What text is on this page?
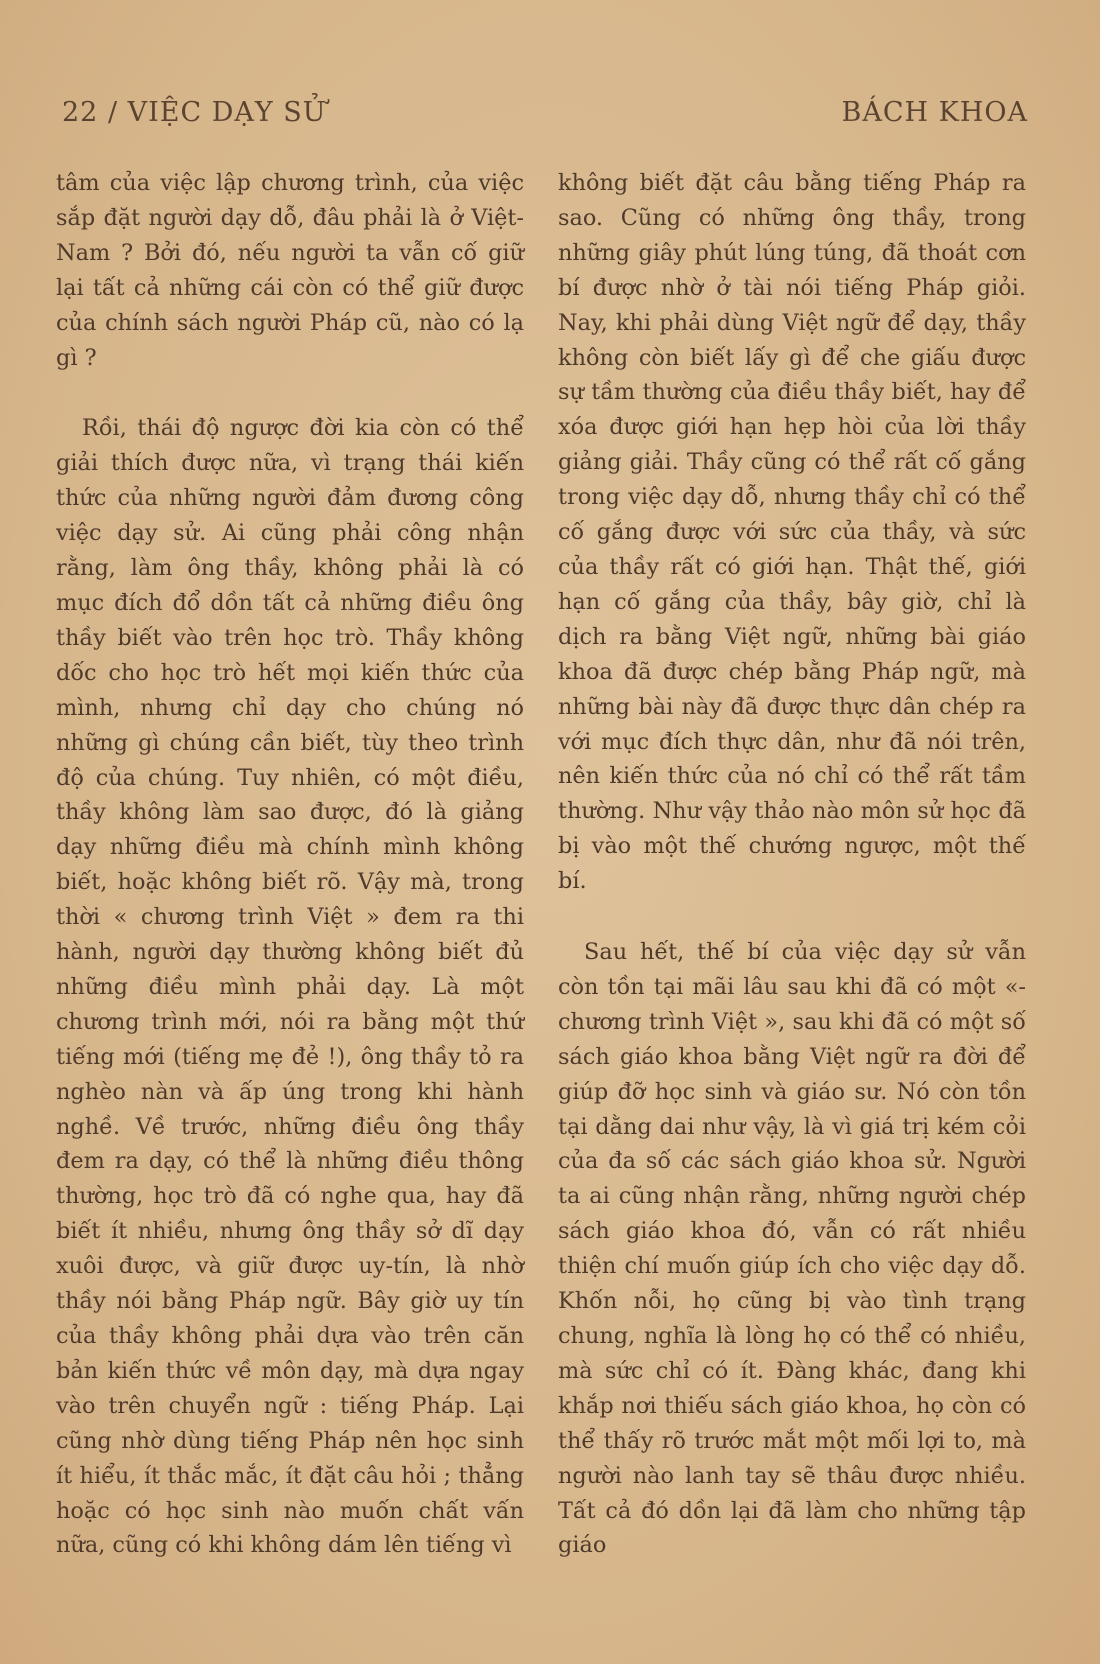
22 / VIỆC DẠY SỬ	BÁCH KHOA

tâm của việc lập chương trình, của việc sắp đặt người dạy dỗ, đâu phải là ở Việt-Nam ? Bởi đó, nếu người ta vẫn cố giữ lại tất cả những cái còn có thể giữ được của chính sách người Pháp cũ, nào có lạ gì ?

Rồi, thái độ ngược đời kia còn có thể giải thích được nữa, vì trạng thái kiến thức của những người đảm đương công việc dạy sử. Ai cũng phải công nhận rằng, làm ông thầy, không phải là có mục đích đổ dồn tất cả những điều ông thầy biết vào trên học trò. Thầy không dốc cho học trò hết mọi kiến thức của mình, nhưng chỉ dạy cho chúng nó những gì chúng cần biết, tùy theo trình độ của chúng. Tuy nhiên, có một điều, thầy không làm sao được, đó là giảng dạy những điều mà chính mình không biết, hoặc không biết rõ. Vậy mà, trong thời « chương trình Việt » đem ra thi hành, người dạy thường không biết đủ những điều mình phải dạy. Là một chương trình mới, nói ra bằng một thứ tiếng mới (tiếng mẹ đẻ !), ông thầy tỏ ra nghèo nàn và ấp úng trong khi hành nghề. Về trước, những điều ông thầy đem ra dạy, có thể là những điều thông thường, học trò đã có nghe qua, hay đã biết ít nhiều, nhưng ông thầy sở dĩ dạy xuôi được, và giữ được uy-tín, là nhờ thầy nói bằng Pháp ngữ. Bây giờ uy tín của thầy không phải dựa vào trên căn bản kiến thức về môn dạy, mà dựa ngay vào trên chuyển ngữ : tiếng Pháp. Lại cũng nhờ dùng tiếng Pháp nên học sinh ít hiểu, ít thắc mắc, ít đặt câu hỏi ; thẳng hoặc có học sinh nào muốn chất vấn nữa, cũng có khi không dám lên tiếng vì

không biết đặt câu bằng tiếng Pháp ra sao. Cũng có những ông thầy, trong những giây phút lúng túng, đã thoát cơn bí được nhờ ở tài nói tiếng Pháp giỏi. Nay, khi phải dùng Việt ngữ để dạy, thầy không còn biết lấy gì để che giấu được sự tầm thường của điều thầy biết, hay để xóa được giới hạn hẹp hòi của lời thầy giảng giải. Thầy cũng có thể rất cố gắng trong việc dạy dỗ, nhưng thầy chỉ có thể cố gắng được với sức của thầy, và sức của thầy rất có giới hạn. Thật thế, giới hạn cố gắng của thầy, bây giờ, chỉ là dịch ra bằng Việt ngữ, những bài giáo khoa đã được chép bằng Pháp ngữ, mà những bài này đã được thực dân chép ra với mục đích thực dân, như đã nói trên, nên kiến thức của nó chỉ có thể rất tầm thường. Như vậy thảo nào môn sử học đã bị vào một thế chướng ngược, một thế bí.

Sau hết, thế bí của việc dạy sử vẫn còn tồn tại mãi lâu sau khi đã có một «-chương trình Việt », sau khi đã có một số sách giáo khoa bằng Việt ngữ ra đời để giúp đỡ học sinh và giáo sư. Nó còn tồn tại dằng dai như vậy, là vì giá trị kém cỏi của đa số các sách giáo khoa sử. Người ta ai cũng nhận rằng, những người chép sách giáo khoa đó, vẫn có rất nhiều thiện chí muốn giúp ích cho việc dạy dỗ. Khốn nỗi, họ cũng bị vào tình trạng chung, nghĩa là lòng họ có thể có nhiều, mà sức chỉ có ít. Đàng khác, đang khi khắp nơi thiếu sách giáo khoa, họ còn có thể thấy rõ trước mắt một mối lợi to, mà người nào lanh tay sẽ thâu được nhiều. Tất cả đó dồn lại đã làm cho những tập giáo
